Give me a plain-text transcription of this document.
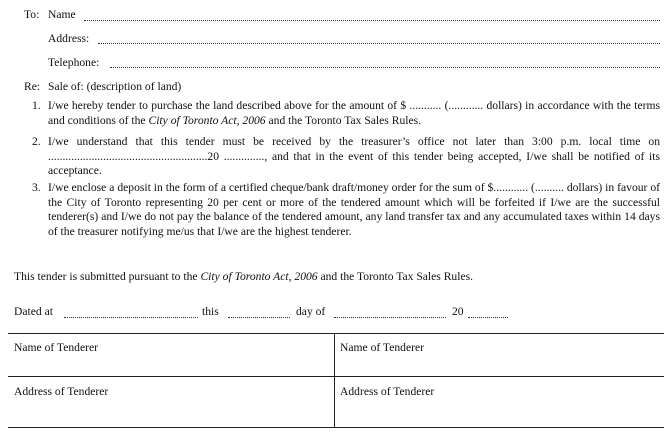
To: Name
Address:
Telephone:
Re: Sale of: (description of land)
1. I/we hereby tender to purchase the land described above for the amount of $ ........... (............ dollars) in accordance with the terms and conditions of the City of Toronto Act, 2006 and the Toronto Tax Sales Rules.
2. I/we understand that this tender must be received by the treasurer’s office not later than 3:00 p.m. local time on .......................................................20 .............., and that in the event of this tender being accepted, I/we shall be notified of its acceptance.
3. I/we enclose a deposit in the form of a certified cheque/bank draft/money order for the sum of $............ (.......... dollars) in favour of the City of Toronto representing 20 per cent or more of the tendered amount which will be forfeited if I/we are the successful tenderer(s) and I/we do not pay the balance of the tendered amount, any land transfer tax and any accumulated taxes within 14 days of the treasurer notifying me/us that I/we are the highest tenderer.
This tender is submitted pursuant to the City of Toronto Act, 2006 and the Toronto Tax Sales Rules.
Dated at	this	day of	20
Name of Tenderer	Name of Tenderer
Address of Tenderer	Address of Tenderer
